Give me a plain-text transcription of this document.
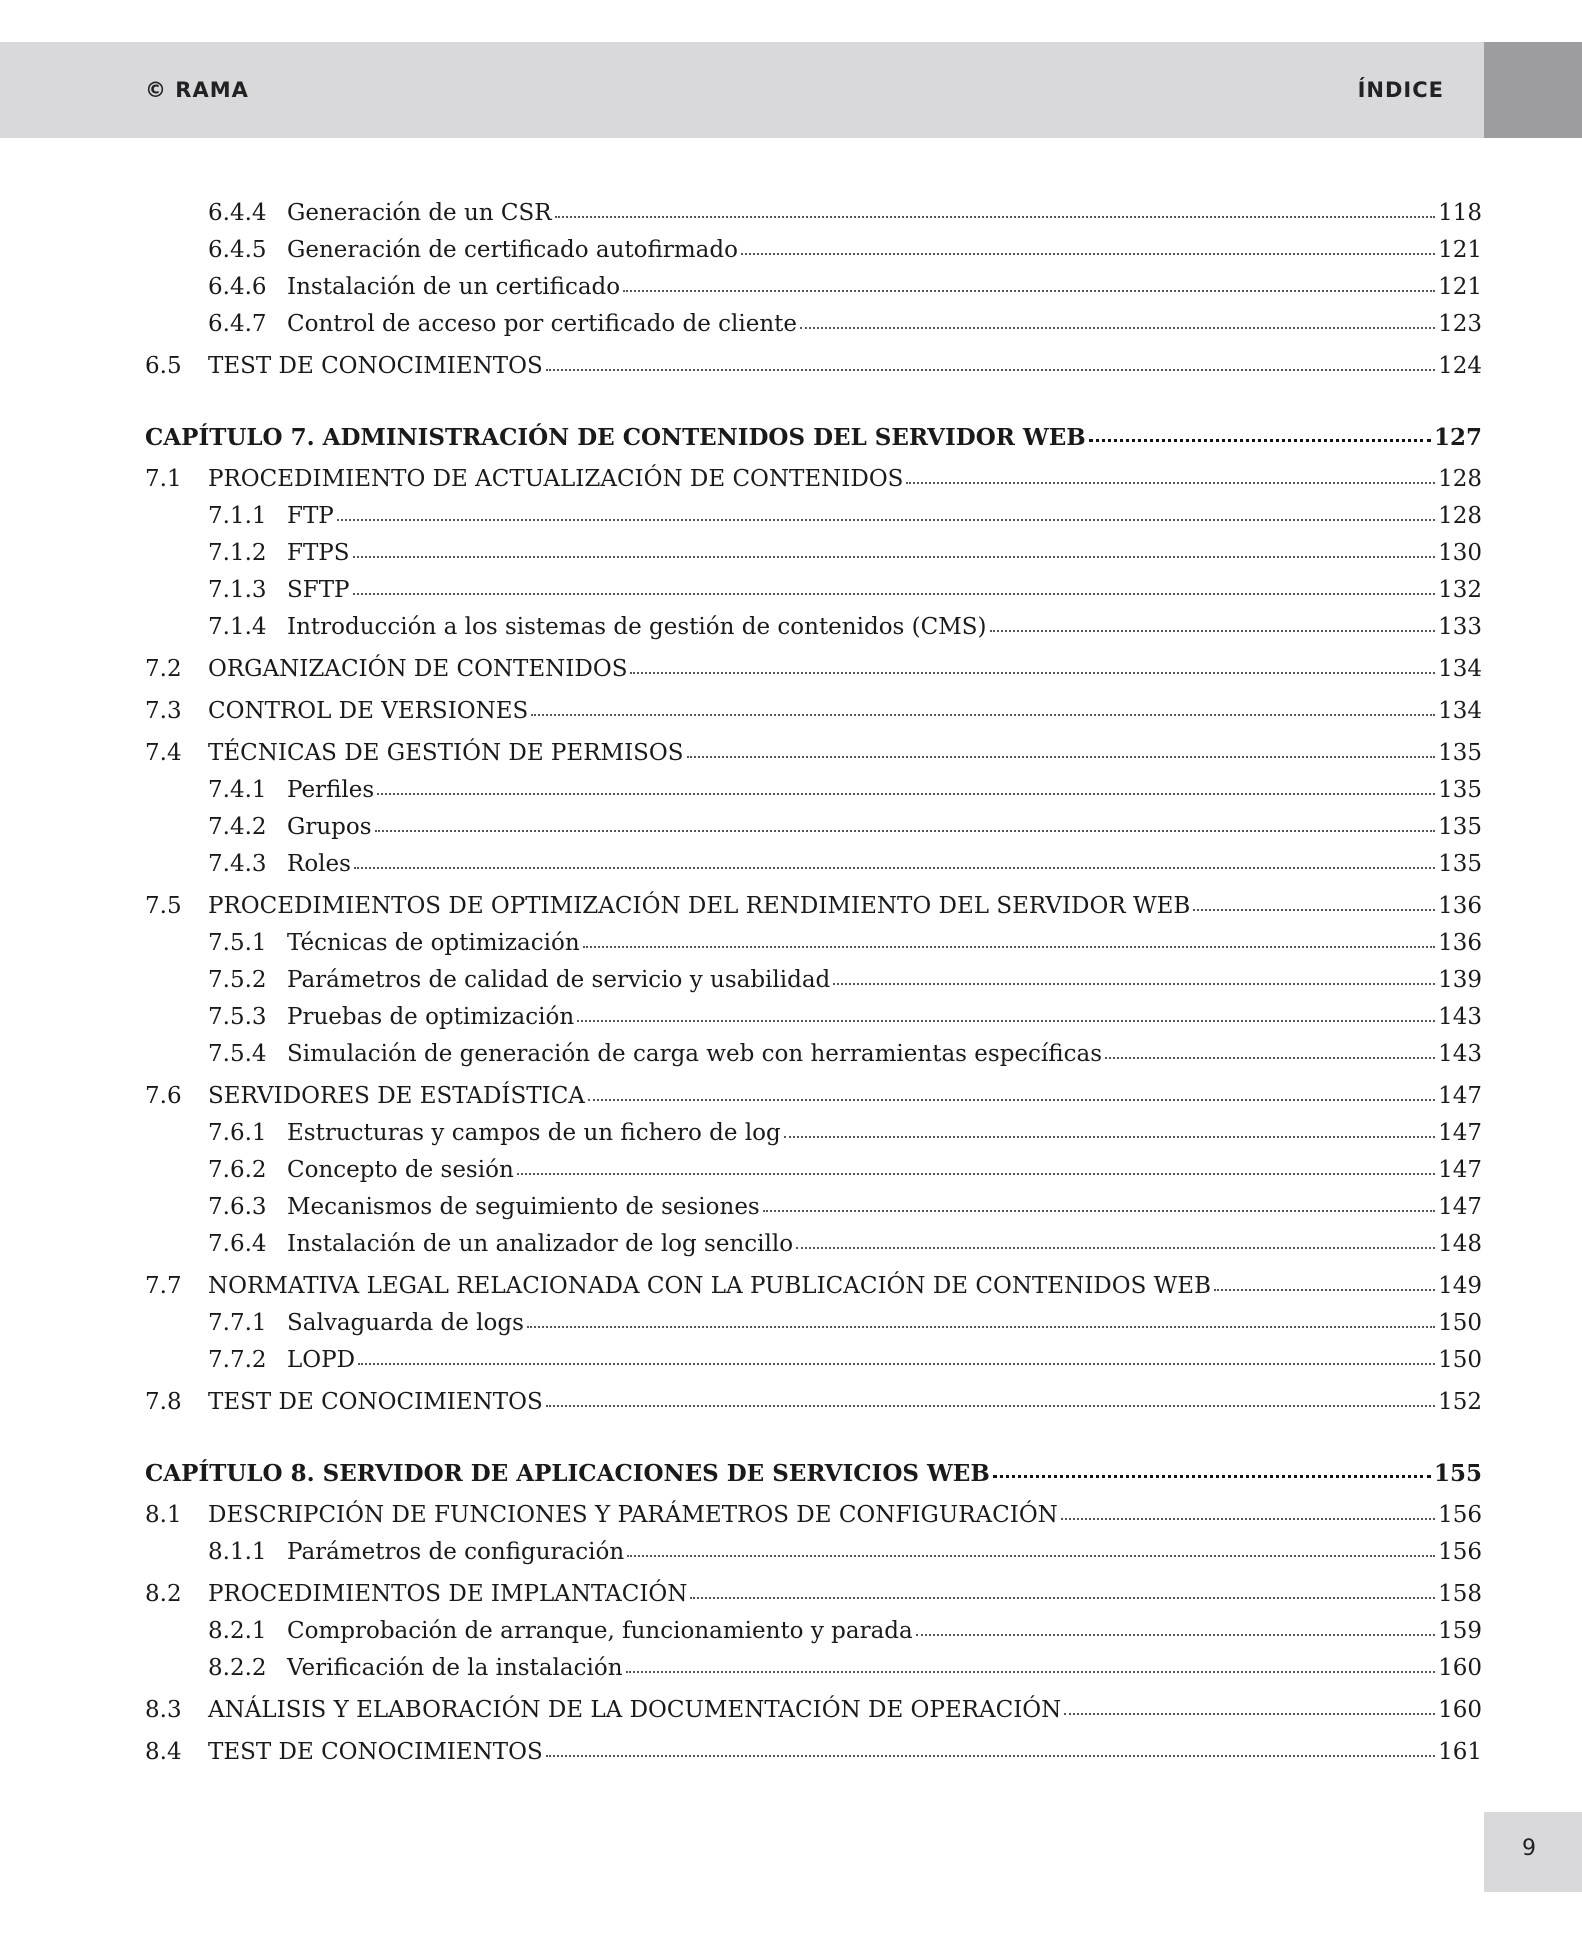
© RAMA	ÍNDICE
6.4.4 Generación de un CSR	118
6.4.5 Generación de certificado autofirmado	121
6.4.6 Instalación de un certificado	121
6.4.7 Control de acceso por certificado de cliente	123
6.5	TEST DE CONOCIMIENTOS	124
CAPÍTULO 7. ADMINISTRACIÓN DE CONTENIDOS DEL SERVIDOR WEB	127
7.1	PROCEDIMIENTO DE ACTUALIZACIÓN DE CONTENIDOS	128
7.1.1 FTP	128
7.1.2 FTPS	130
7.1.3 SFTP	132
7.1.4 Introducción a los sistemas de gestión de contenidos (CMS)	133
7.2	ORGANIZACIÓN DE CONTENIDOS	134
7.3	CONTROL DE VERSIONES	134
7.4	TÉCNICAS DE GESTIÓN DE PERMISOS	135
7.4.1 Perfiles	135
7.4.2 Grupos	135
7.4.3 Roles	135
7.5	PROCEDIMIENTOS DE OPTIMIZACIÓN DEL RENDIMIENTO DEL SERVIDOR WEB	136
7.5.1 Técnicas de optimización	136
7.5.2 Parámetros de calidad de servicio y usabilidad	139
7.5.3 Pruebas de optimización	143
7.5.4 Simulación de generación de carga web con herramientas específicas	143
7.6	SERVIDORES DE ESTADÍSTICA	147
7.6.1 Estructuras y campos de un fichero de log	147
7.6.2 Concepto de sesión	147
7.6.3 Mecanismos de seguimiento de sesiones	147
7.6.4 Instalación de un analizador de log sencillo	148
7.7	NORMATIVA LEGAL RELACIONADA CON LA PUBLICACIÓN DE CONTENIDOS WEB	149
7.7.1 Salvaguarda de logs	150
7.7.2 LOPD	150
7.8	TEST DE CONOCIMIENTOS	152
CAPÍTULO 8. SERVIDOR DE APLICACIONES DE SERVICIOS WEB	155
8.1	DESCRIPCIÓN DE FUNCIONES Y PARÁMETROS DE CONFIGURACIÓN	156
8.1.1 Parámetros de configuración	156
8.2	PROCEDIMIENTOS DE IMPLANTACIÓN	158
8.2.1 Comprobación de arranque, funcionamiento y parada	159
8.2.2 Verificación de la instalación	160
8.3	ANÁLISIS Y ELABORACIÓN DE LA DOCUMENTACIÓN DE OPERACIÓN	160
8.4	TEST DE CONOCIMIENTOS	161
9
